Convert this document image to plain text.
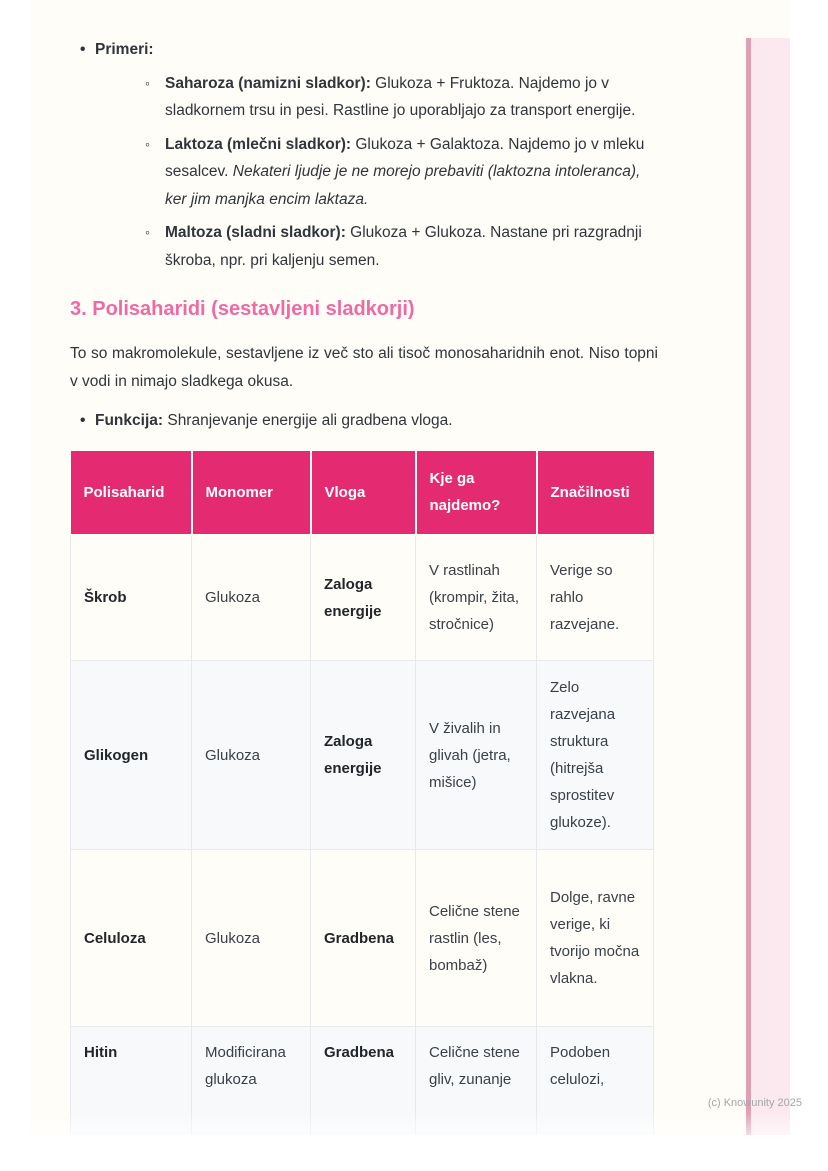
• Primeri:
◦ Saharoza (namizni sladkor): Glukoza + Fruktoza. Najdemo jo v sladkornem trsu in pesi. Rastline jo uporabljajo za transport energije.
◦ Laktoza (mlečni sladkor): Glukoza + Galaktoza. Najdemo jo v mleku sesalcev. Nekateri ljudje je ne morejo prebaviti (laktozna intoleranca), ker jim manjka encim laktaza.
◦ Maltoza (sladni sladkor): Glukoza + Glukoza. Nastane pri razgradnji škroba, npr. pri kaljenju semen.
3. Polisaharidi (sestavljeni sladkorji)

To so makromolekule, sestavljene iz več sto ali tisoč monosaharidnih enot. Niso topni v vodi in nimajo sladkega okusa.

• Funkcija: Shranjevanje energije ali gradbena vloga.
Polisaharid	Monomer	Vloga	Kje ga najdemo?	Značilnosti
Škrob	Glukoza	Zaloga energije	V rastlinah (krompir, žita, stročnice)	Verige so rahlo razvejane.
Glikogen	Glukoza	Zaloga energije	V živalih in glivah (jetra, mišice)	Zelo razvejana struktura (hitrejša sprostitev glukoze).
Celuloza	Glukoza	Gradbena	Celične stene rastlin (les, bombaž)	Dolge, ravne verige, ki tvorijo močna vlakna.
Hitin	Modificirana glukoza	Gradbena	Celične stene gliv, zunanje	Podoben celulozi,
(c) Knowunity 2025
